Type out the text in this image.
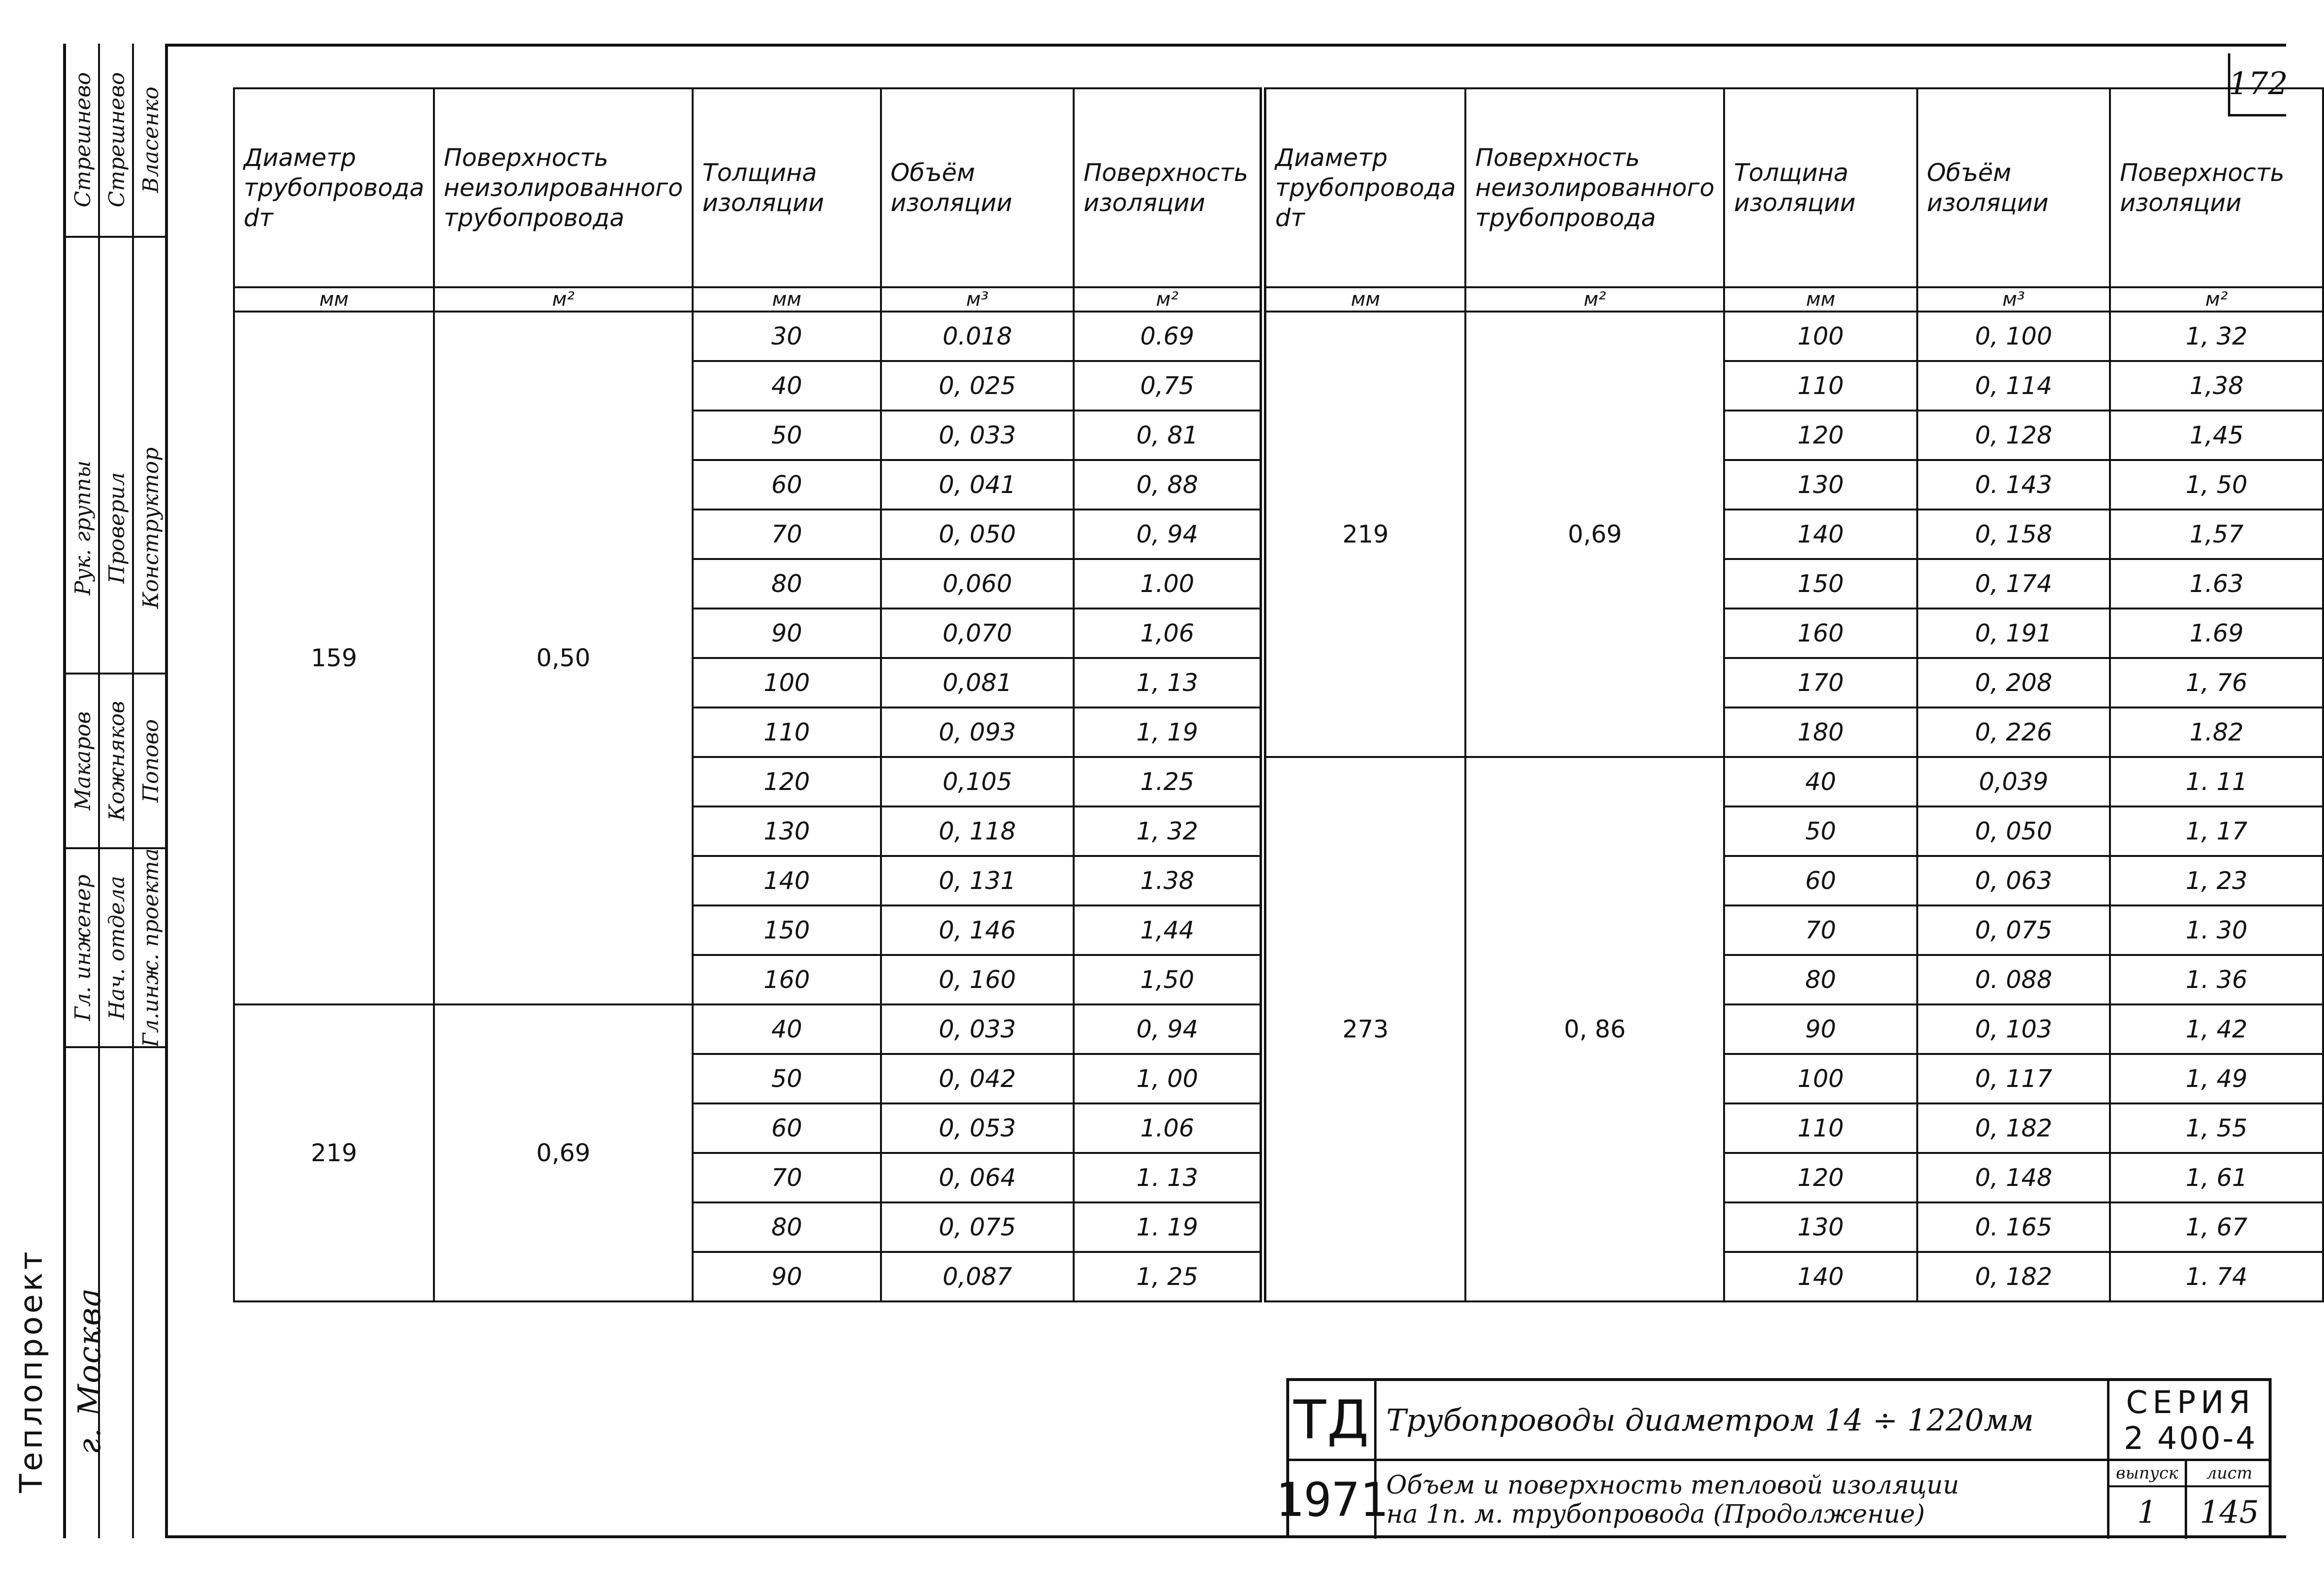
Гл. инженер
Рук. группы
Макаров
Стрешнево
Нач. отдела
Проверил
Кожняков
Стрешнево
Гл.инж. проекта
Конструктор
Попово
Власенко
Теплопроект г. Москва
172
Диаметр трубопровода dт	Поверхность неизолированного трубопровода	Толщина изоляции	Объём изоляции	Поверхность изоляции	Диаметр трубопровода dт	Поверхность неизолированного трубопровода	Толщина изоляции	Объём изоляции	Поверхность изоляции
мм	м²	мм	м³	м²	мм	м²	мм	м³	м²
159	0,50	30	0.018	0.69	219	0,69	100	0, 100	1, 32
		40	0, 025	0,75			110	0, 114	1,38
		50	0, 033	0, 81			120	0, 128	1,45
		60	0, 041	0, 88			130	0. 143	1, 50
		70	0, 050	0, 94			140	0, 158	1,57
		80	0,060	1.00			150	0, 174	1.63
		90	0,070	1,06			160	0, 191	1.69
		100	0,081	1, 13			170	0, 208	1, 76
		110	0, 093	1, 19			180	0, 226	1.82
		120	0,105	1.25	273	0, 86	40	0,039	1. 11
		130	0, 118	1, 32			50	0, 050	1, 17
		140	0, 131	1.38			60	0, 063	1, 23
		150	0, 146	1,44			70	0, 075	1. 30
		160	0, 160	1,50			80	0. 088	1. 36
219	0,69	40	0, 033	0, 94			90	0, 103	1, 42
		50	0, 042	1, 00			100	0, 117	1, 49
		60	0, 053	1.06			110	0, 182	1, 55
		70	0, 064	1. 13			120	0, 148	1, 61
		80	0, 075	1. 19			130	0. 165	1, 67
		90	0,087	1, 25			140	0, 182	1. 74
ТД
1971
Трубопроводы диаметром 14 ÷ 1220мм
Объем и поверхность тепловой изоляции
на 1п. м. трубопровода (Продолжение)
СЕРИЯ
2 400-4
выпуск
1
лист
145
